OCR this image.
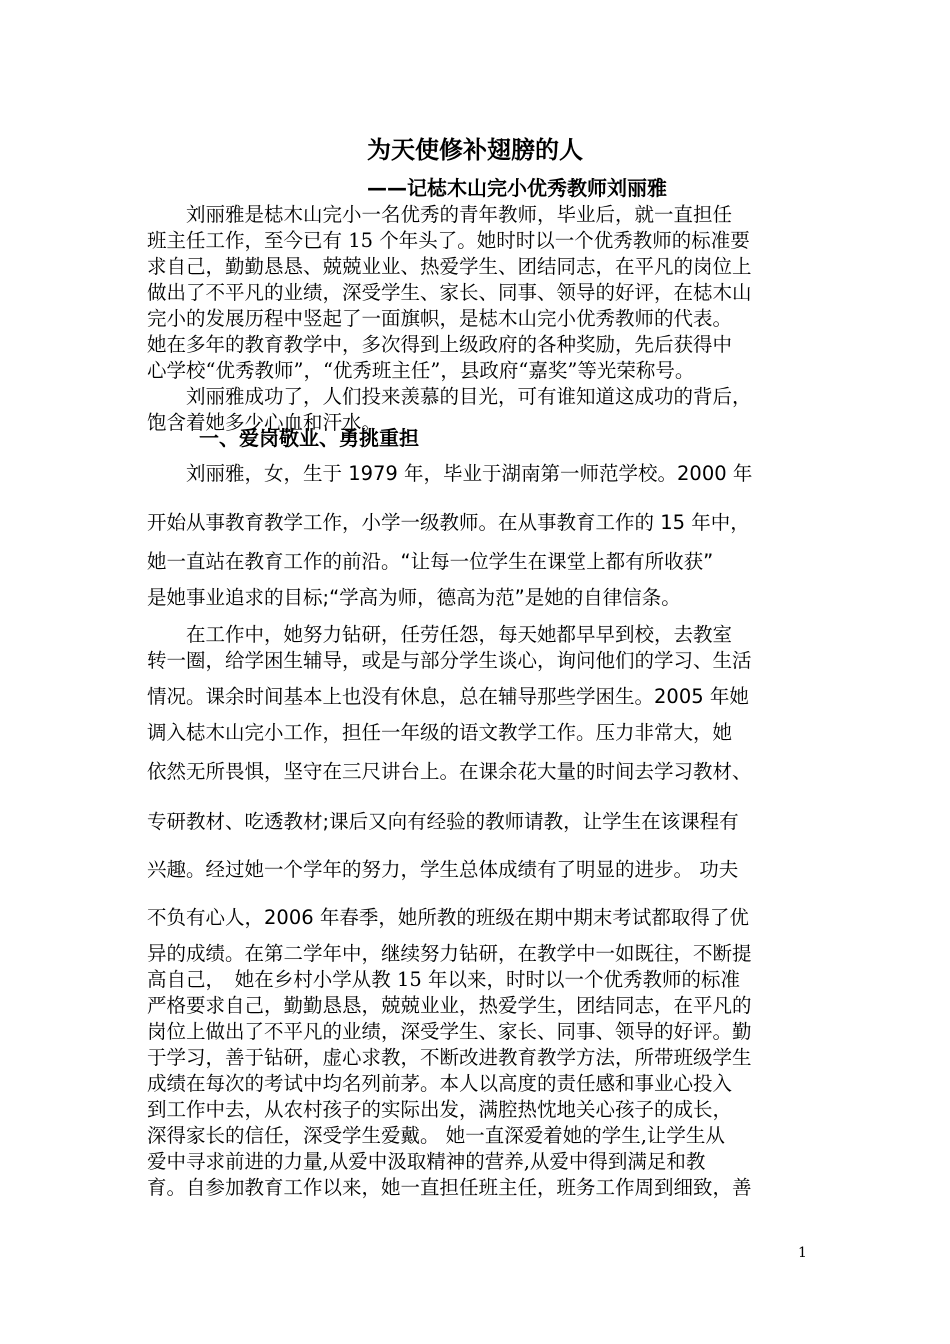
为天使修补翅膀的人
——记梽木山完小优秀教师刘丽雅
　　刘丽雅是梽木山完小一名优秀的青年教师，毕业后，就一直担任
班主任工作，至今已有 15 个年头了。她时时以一个优秀教师的标准要
求自己，勤勤恳恳、兢兢业业、热爱学生、团结同志，在平凡的岗位上
做出了不平凡的业绩，深受学生、家长、同事、领导的好评，在梽木山
完小的发展历程中竖起了一面旗帜，是梽木山完小优秀教师的代表。
她在多年的教育教学中，多次得到上级政府的各种奖励，先后获得中
心学校“优秀教师”，“优秀班主任”，县政府“嘉奖”等光荣称号。
　　刘丽雅成功了，人们投来羡慕的目光，可有谁知道这成功的背后，
饱含着她多少心血和汗水。
一、爱岗敬业、勇挑重担
　　刘丽雅，女，生于 1979 年，毕业于湖南第一师范学校。2000 年
开始从事教育教学工作，小学一级教师。在从事教育工作的 15 年中，
她一直站在教育工作的前沿。“让每一位学生在课堂上都有所收获”
是她事业追求的目标;“学高为师，德高为范”是她的自律信条。
　　在工作中，她努力钻研，任劳任怨，每天她都早早到校，去教室
转一圈，给学困生辅导，或是与部分学生谈心，询问他们的学习、生活
情况。课余时间基本上也没有休息，总在辅导那些学困生。2005 年她
调入梽木山完小工作，担任一年级的语文教学工作。压力非常大，她
依然无所畏惧，坚守在三尺讲台上。在课余花大量的时间去学习教材、
专研教材、吃透教材;课后又向有经验的教师请教，让学生在该课程有
兴趣。经过她一个学年的努力，学生总体成绩有了明显的进步。 功夫
不负有心人，2006 年春季，她所教的班级在期中期末考试都取得了优
异的成绩。在第二学年中，继续努力钻研，在教学中一如既往，不断提
高自己，　她在乡村小学从教 15 年以来，时时以一个优秀教师的标准
严格要求自己，勤勤恳恳，兢兢业业，热爱学生，团结同志，在平凡的
岗位上做出了不平凡的业绩，深受学生、家长、同事、领导的好评。勤
于学习，善于钻研，虚心求教，不断改进教育教学方法，所带班级学生
成绩在每次的考试中均名列前茅。本人以高度的责任感和事业心投入
到工作中去，从农村孩子的实际出发，满腔热忱地关心孩子的成长，
深得家长的信任，深受学生爱戴。 她一直深爱着她的学生,让学生从
爱中寻求前进的力量,从爱中汲取精神的营养,从爱中得到满足和教
育。自参加教育工作以来，她一直担任班主任，班务工作周到细致，善
1
